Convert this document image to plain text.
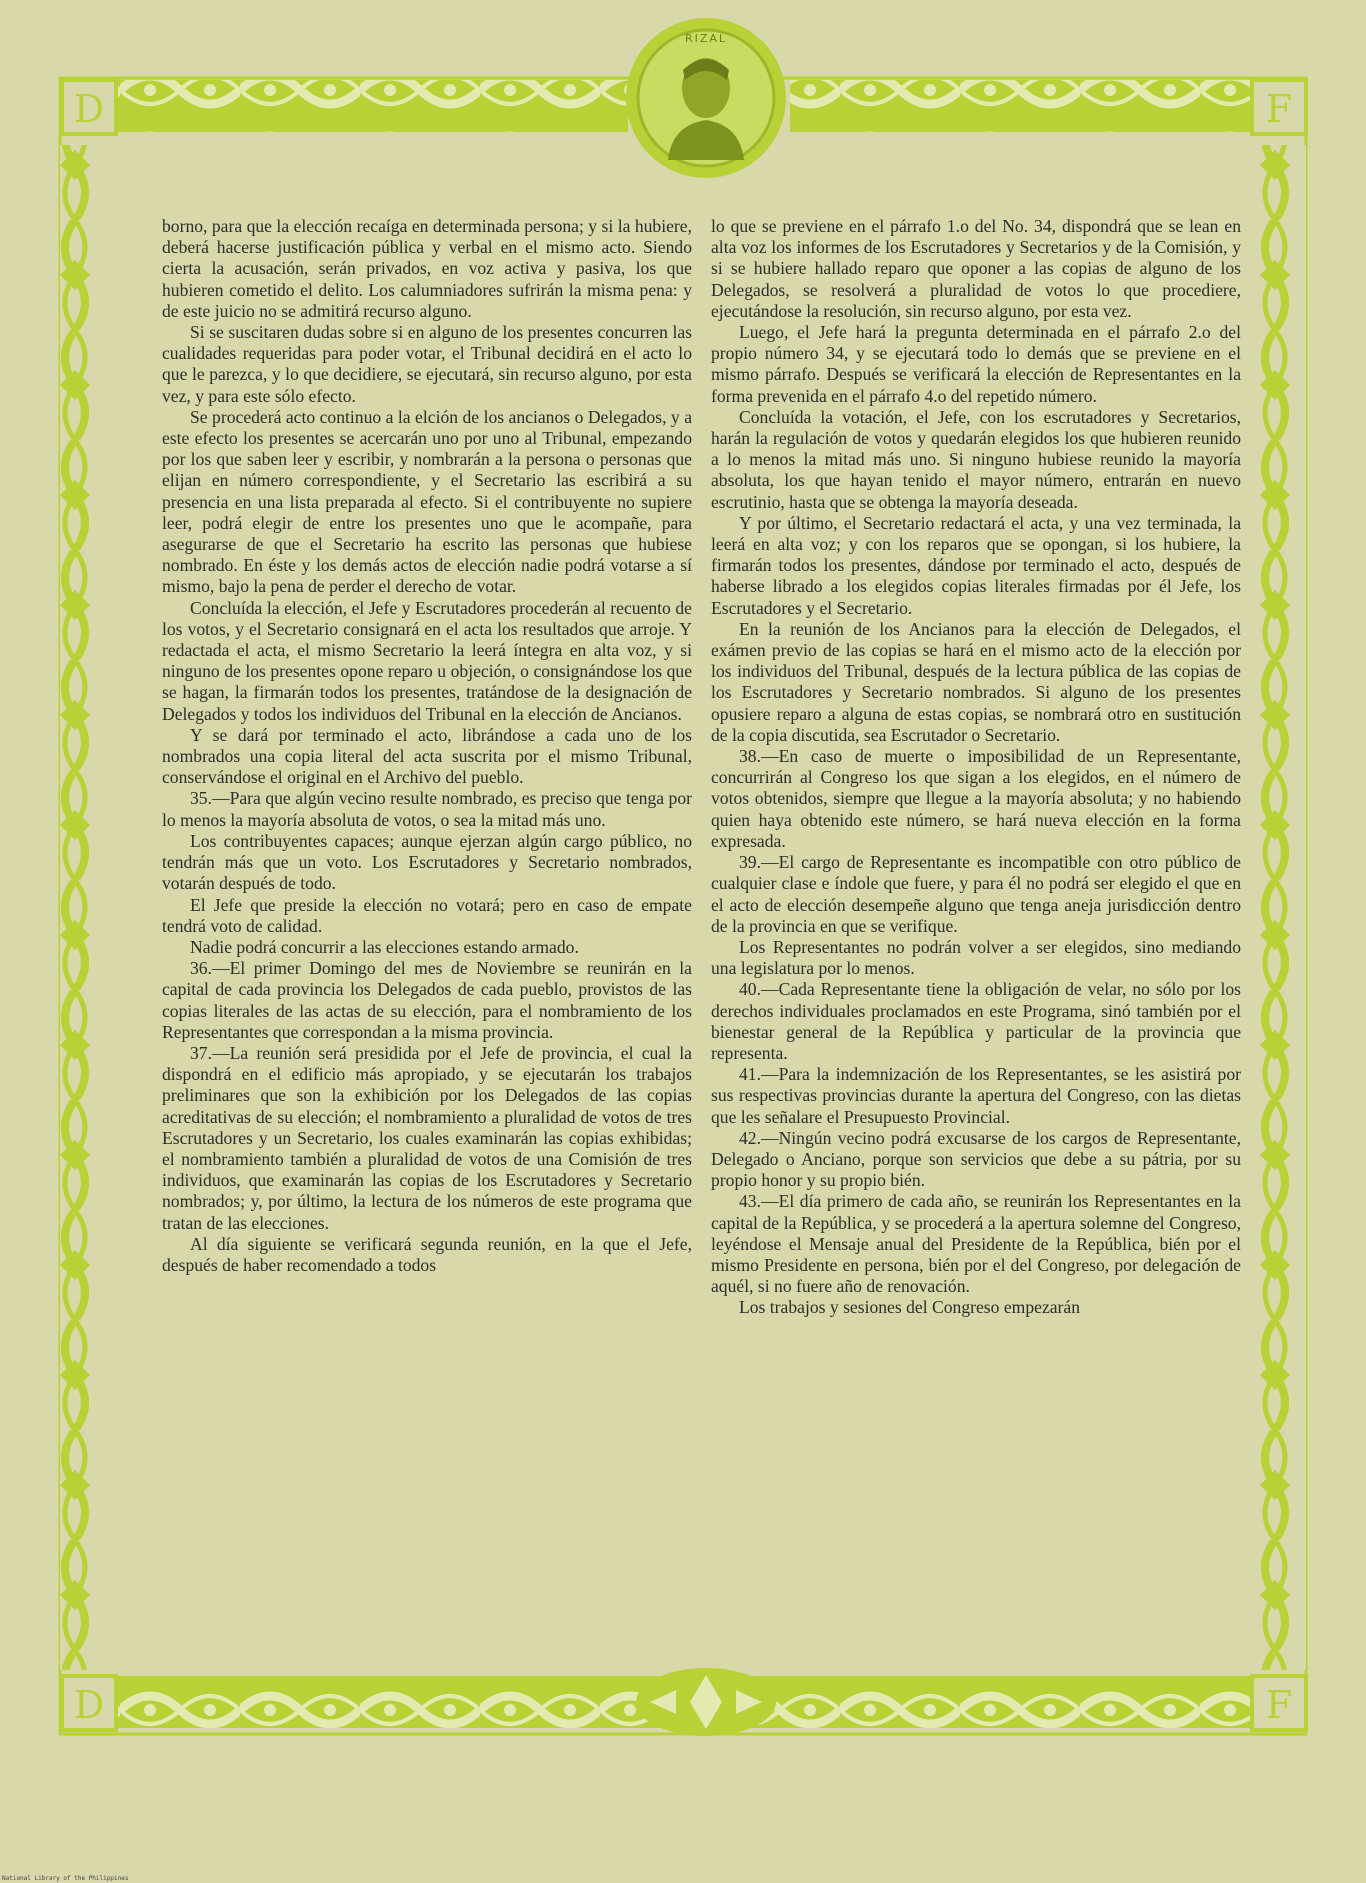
D	F
D	F
RIZAL

borno, para que la elección recaíga en determinada persona; y si la hubiere, deberá hacerse justificación pública y verbal en el mismo acto. Siendo cierta la acusación, serán privados, en voz activa y pasiva, los que hubieren cometido el delito. Los calumniadores sufrirán la misma pena: y de este juicio no se admitirá recurso alguno.

Si se suscitaren dudas sobre si en alguno de los presentes concurren las cualidades requeridas para poder votar, el Tribunal decidirá en el acto lo que le parezca, y lo que decidiere, se ejecutará, sin recurso alguno, por esta vez, y para este sólo efecto.

Se procederá acto continuo a la elción de los ancianos o Delegados, y a este efecto los presentes se acercarán uno por uno al Tribunal, empezando por los que saben leer y escribir, y nombrarán a la persona o personas que elijan en número correspondiente, y el Secretario las escribirá a su presencia en una lista preparada al efecto. Si el contribuyente no supiere leer, podrá elegir de entre los presentes uno que le acompañe, para asegurarse de que el Secretario ha escrito las personas que hubiese nombrado. En éste y los demás actos de elección nadie podrá votarse a sí mismo, bajo la pena de perder el derecho de votar.

Concluída la elección, el Jefe y Escrutadores procederán al recuento de los votos, y el Secretario consignará en el acta los resultados que arroje. Y redactada el acta, el mismo Secretario la leerá íntegra en alta voz, y si ninguno de los presentes opone reparo u objeción, o consignándose los que se hagan, la firmarán todos los presentes, tratándose de la designación de Delegados y todos los individuos del Tribunal en la elección de Ancianos.

Y se dará por terminado el acto, librándose a cada uno de los nombrados una copia literal del acta suscrita por el mismo Tribunal, conservándose el original en el Archivo del pueblo.

35.—Para que algún vecino resulte nombrado, es preciso que tenga por lo menos la mayoría absoluta de votos, o sea la mitad más uno.

Los contribuyentes capaces; aunque ejerzan algún cargo público, no tendrán más que un voto. Los Escrutadores y Secretario nombrados, votarán después de todo.

El Jefe que preside la elección no votará; pero en caso de empate tendrá voto de calidad.

Nadie podrá concurrir a las elecciones estando armado.

36.—El primer Domingo del mes de Noviembre se reunirán en la capital de cada provincia los Delegados de cada pueblo, provistos de las copias literales de las actas de su elección, para el nombramiento de los Representantes que correspondan a la misma provincia.

37.—La reunión será presidida por el Jefe de provincia, el cual la dispondrá en el edificio más apropiado, y se ejecutarán los trabajos preliminares que son la exhibición por los Delegados de las copias acreditativas de su elección; el nombramiento a pluralidad de votos de tres Escrutadores y un Secretario, los cuales examinarán las copias exhibidas; el nombramiento también a pluralidad de votos de una Comisión de tres individuos, que examinarán las copias de los Escrutadores y Secretario nombrados; y, por último, la lectura de los números de este programa que tratan de las elecciones.

Al día siguiente se verificará segunda reunión, en la que el Jefe, después de haber recomendado a todos

lo que se previene en el párrafo 1.o del No. 34, dispondrá que se lean en alta voz los informes de los Escrutadores y Secretarios y de la Comisión, y si se hubiere hallado reparo que oponer a las copias de alguno de los Delegados, se resolverá a pluralidad de votos lo que procediere, ejecutándose la resolución, sin recurso alguno, por esta vez.

Luego, el Jefe hará la pregunta determinada en el párrafo 2.o del propio número 34, y se ejecutará todo lo demás que se previene en el mismo párrafo. Después se verificará la elección de Representantes en la forma prevenida en el párrafo 4.o del repetido número.

Concluída la votación, el Jefe, con los escrutadores y Secretarios, harán la regulación de votos y quedarán elegidos los que hubieren reunido a lo menos la mitad más uno. Si ninguno hubiese reunido la mayoría absoluta, los que hayan tenido el mayor número, entrarán en nuevo escrutinio, hasta que se obtenga la mayoría deseada.

Y por último, el Secretario redactará el acta, y una vez terminada, la leerá en alta voz; y con los reparos que se opongan, si los hubiere, la firmarán todos los presentes, dándose por terminado el acto, después de haberse librado a los elegidos copias literales firmadas por él Jefe, los Escrutadores y el Secretario.

En la reunión de los Ancianos para la elección de Delegados, el exámen previo de las copias se hará en el mismo acto de la elección por los individuos del Tribunal, después de la lectura pública de las copias de los Escrutadores y Secretario nombrados. Si alguno de los presentes opusiere reparo a alguna de estas copias, se nombrará otro en sustitución de la copia discutida, sea Escrutador o Secretario.

38.—En caso de muerte o imposibilidad de un Representante, concurrirán al Congreso los que sigan a los elegidos, en el número de votos obtenidos, siempre que llegue a la mayoría absoluta; y no habiendo quien haya obtenido este número, se hará nueva elección en la forma expresada.

39.—El cargo de Representante es incompatible con otro público de cualquier clase e índole que fuere, y para él no podrá ser elegido el que en el acto de elección desempeñe alguno que tenga aneja jurisdicción dentro de la provincia en que se verifique.

Los Representantes no podrán volver a ser elegidos, sino mediando una legislatura por lo menos.

40.—Cada Representante tiene la obligación de velar, no sólo por los derechos individuales proclamados en este Programa, sinó también por el bienestar general de la República y particular de la provincia que representa.

41.—Para la indemnización de los Representantes, se les asistirá por sus respectivas provincias durante la apertura del Congreso, con las dietas que les señalare el Presupuesto Provincial.

42.—Ningún vecino podrá excusarse de los cargos de Representante, Delegado o Anciano, porque son servicios que debe a su pátria, por su propio honor y su propio bién.

43.—El día primero de cada año, se reunirán los Representantes en la capital de la República, y se procederá a la apertura solemne del Congreso, leyéndose el Mensaje anual del Presidente de la República, bién por el mismo Presidente en persona, bién por el del Congreso, por delegación de aquél, si no fuere año de renovación.

Los trabajos y sesiones del Congreso empezarán

National Library of the Philippines
